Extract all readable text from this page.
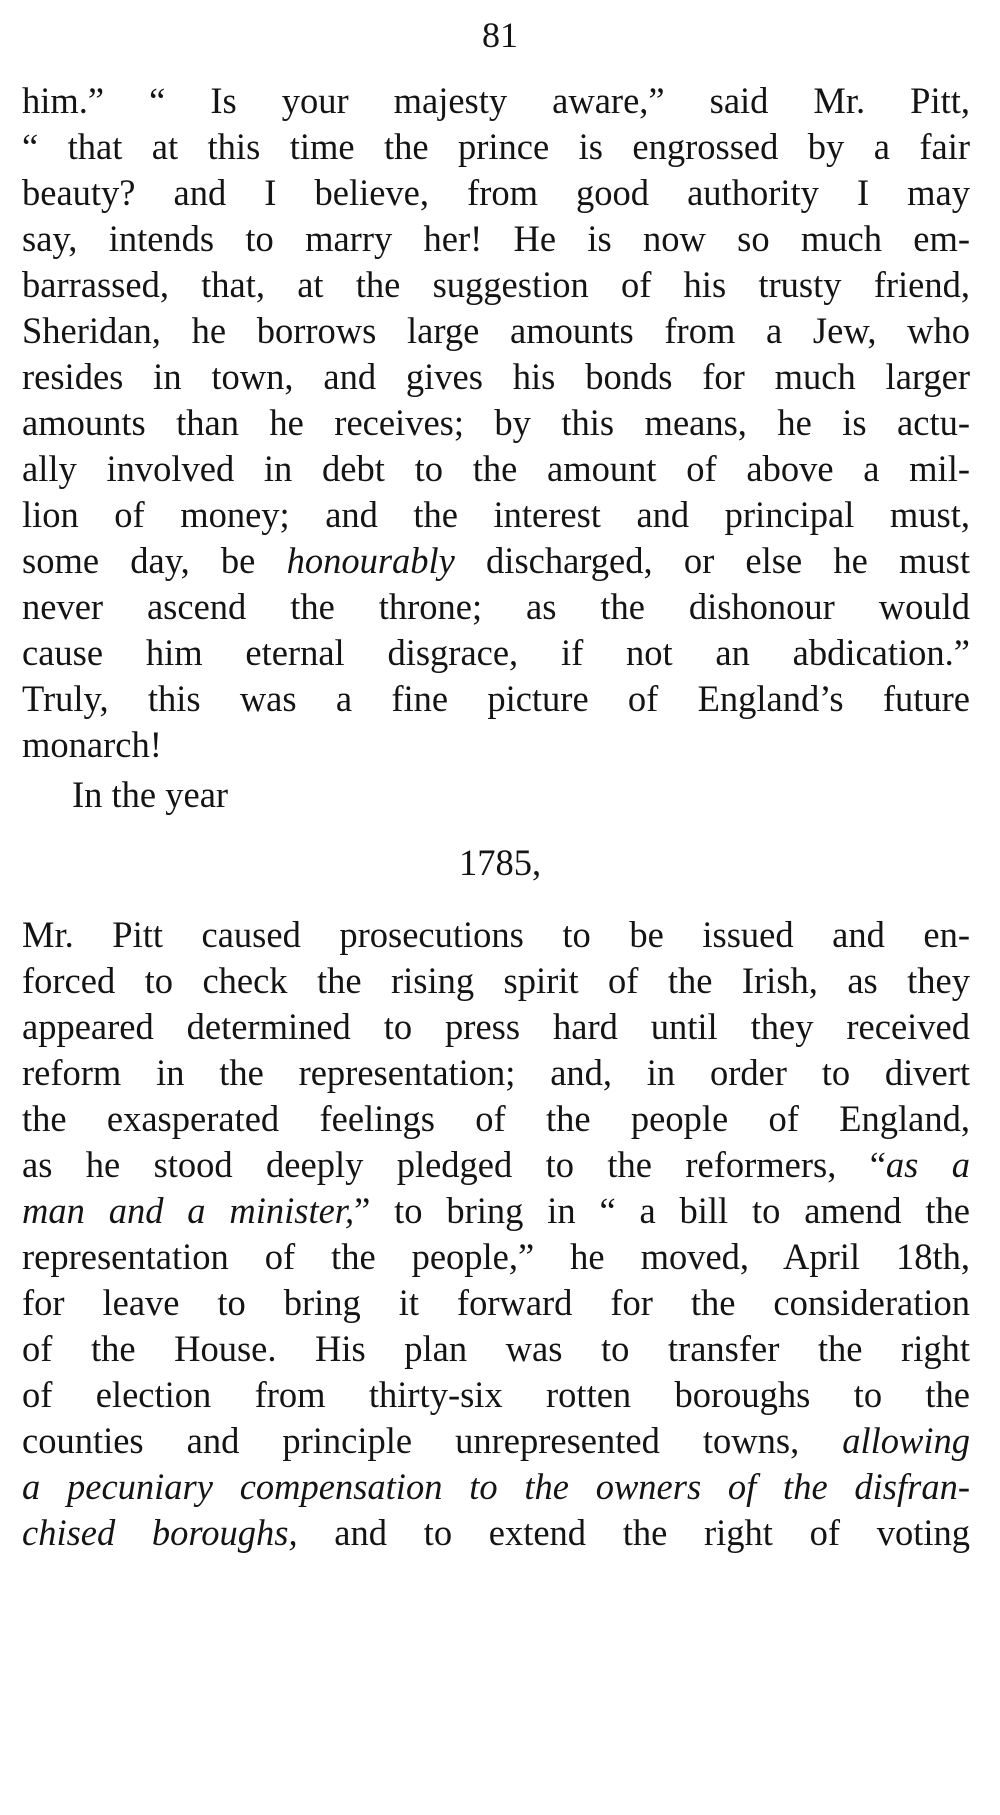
81
him.” “ Is your majesty aware,” said Mr. Pitt,
“ that at this time the prince is engrossed by a fair
beauty? and I believe, from good authority I may
say, intends to marry her! He is now so much em-
barrassed, that, at the suggestion of his trusty friend,
Sheridan, he borrows large amounts from a Jew, who
resides in town, and gives his bonds for much larger
amounts than he receives; by this means, he is actu-
ally involved in debt to the amount of above a mil-
lion of money; and the interest and principal must,
some day, be honourably discharged, or else he must
never ascend the throne; as the dishonour would
cause him eternal disgrace, if not an abdication.”
Truly, this was a fine picture of England’s future
monarch!
In the year
1785,
Mr. Pitt caused prosecutions to be issued and en-
forced to check the rising spirit of the Irish, as they
appeared determined to press hard until they received
reform in the representation; and, in order to divert
the exasperated feelings of the people of England,
as he stood deeply pledged to the reformers, “as a
man and a minister,” to bring in “ a bill to amend the
representation of the people,” he moved, April 18th,
for leave to bring it forward for the consideration
of the House. His plan was to transfer the right
of election from thirty-six rotten boroughs to the
counties and principle unrepresented towns, allowing
a pecuniary compensation to the owners of the disfran-
chised boroughs, and to extend the right of voting
